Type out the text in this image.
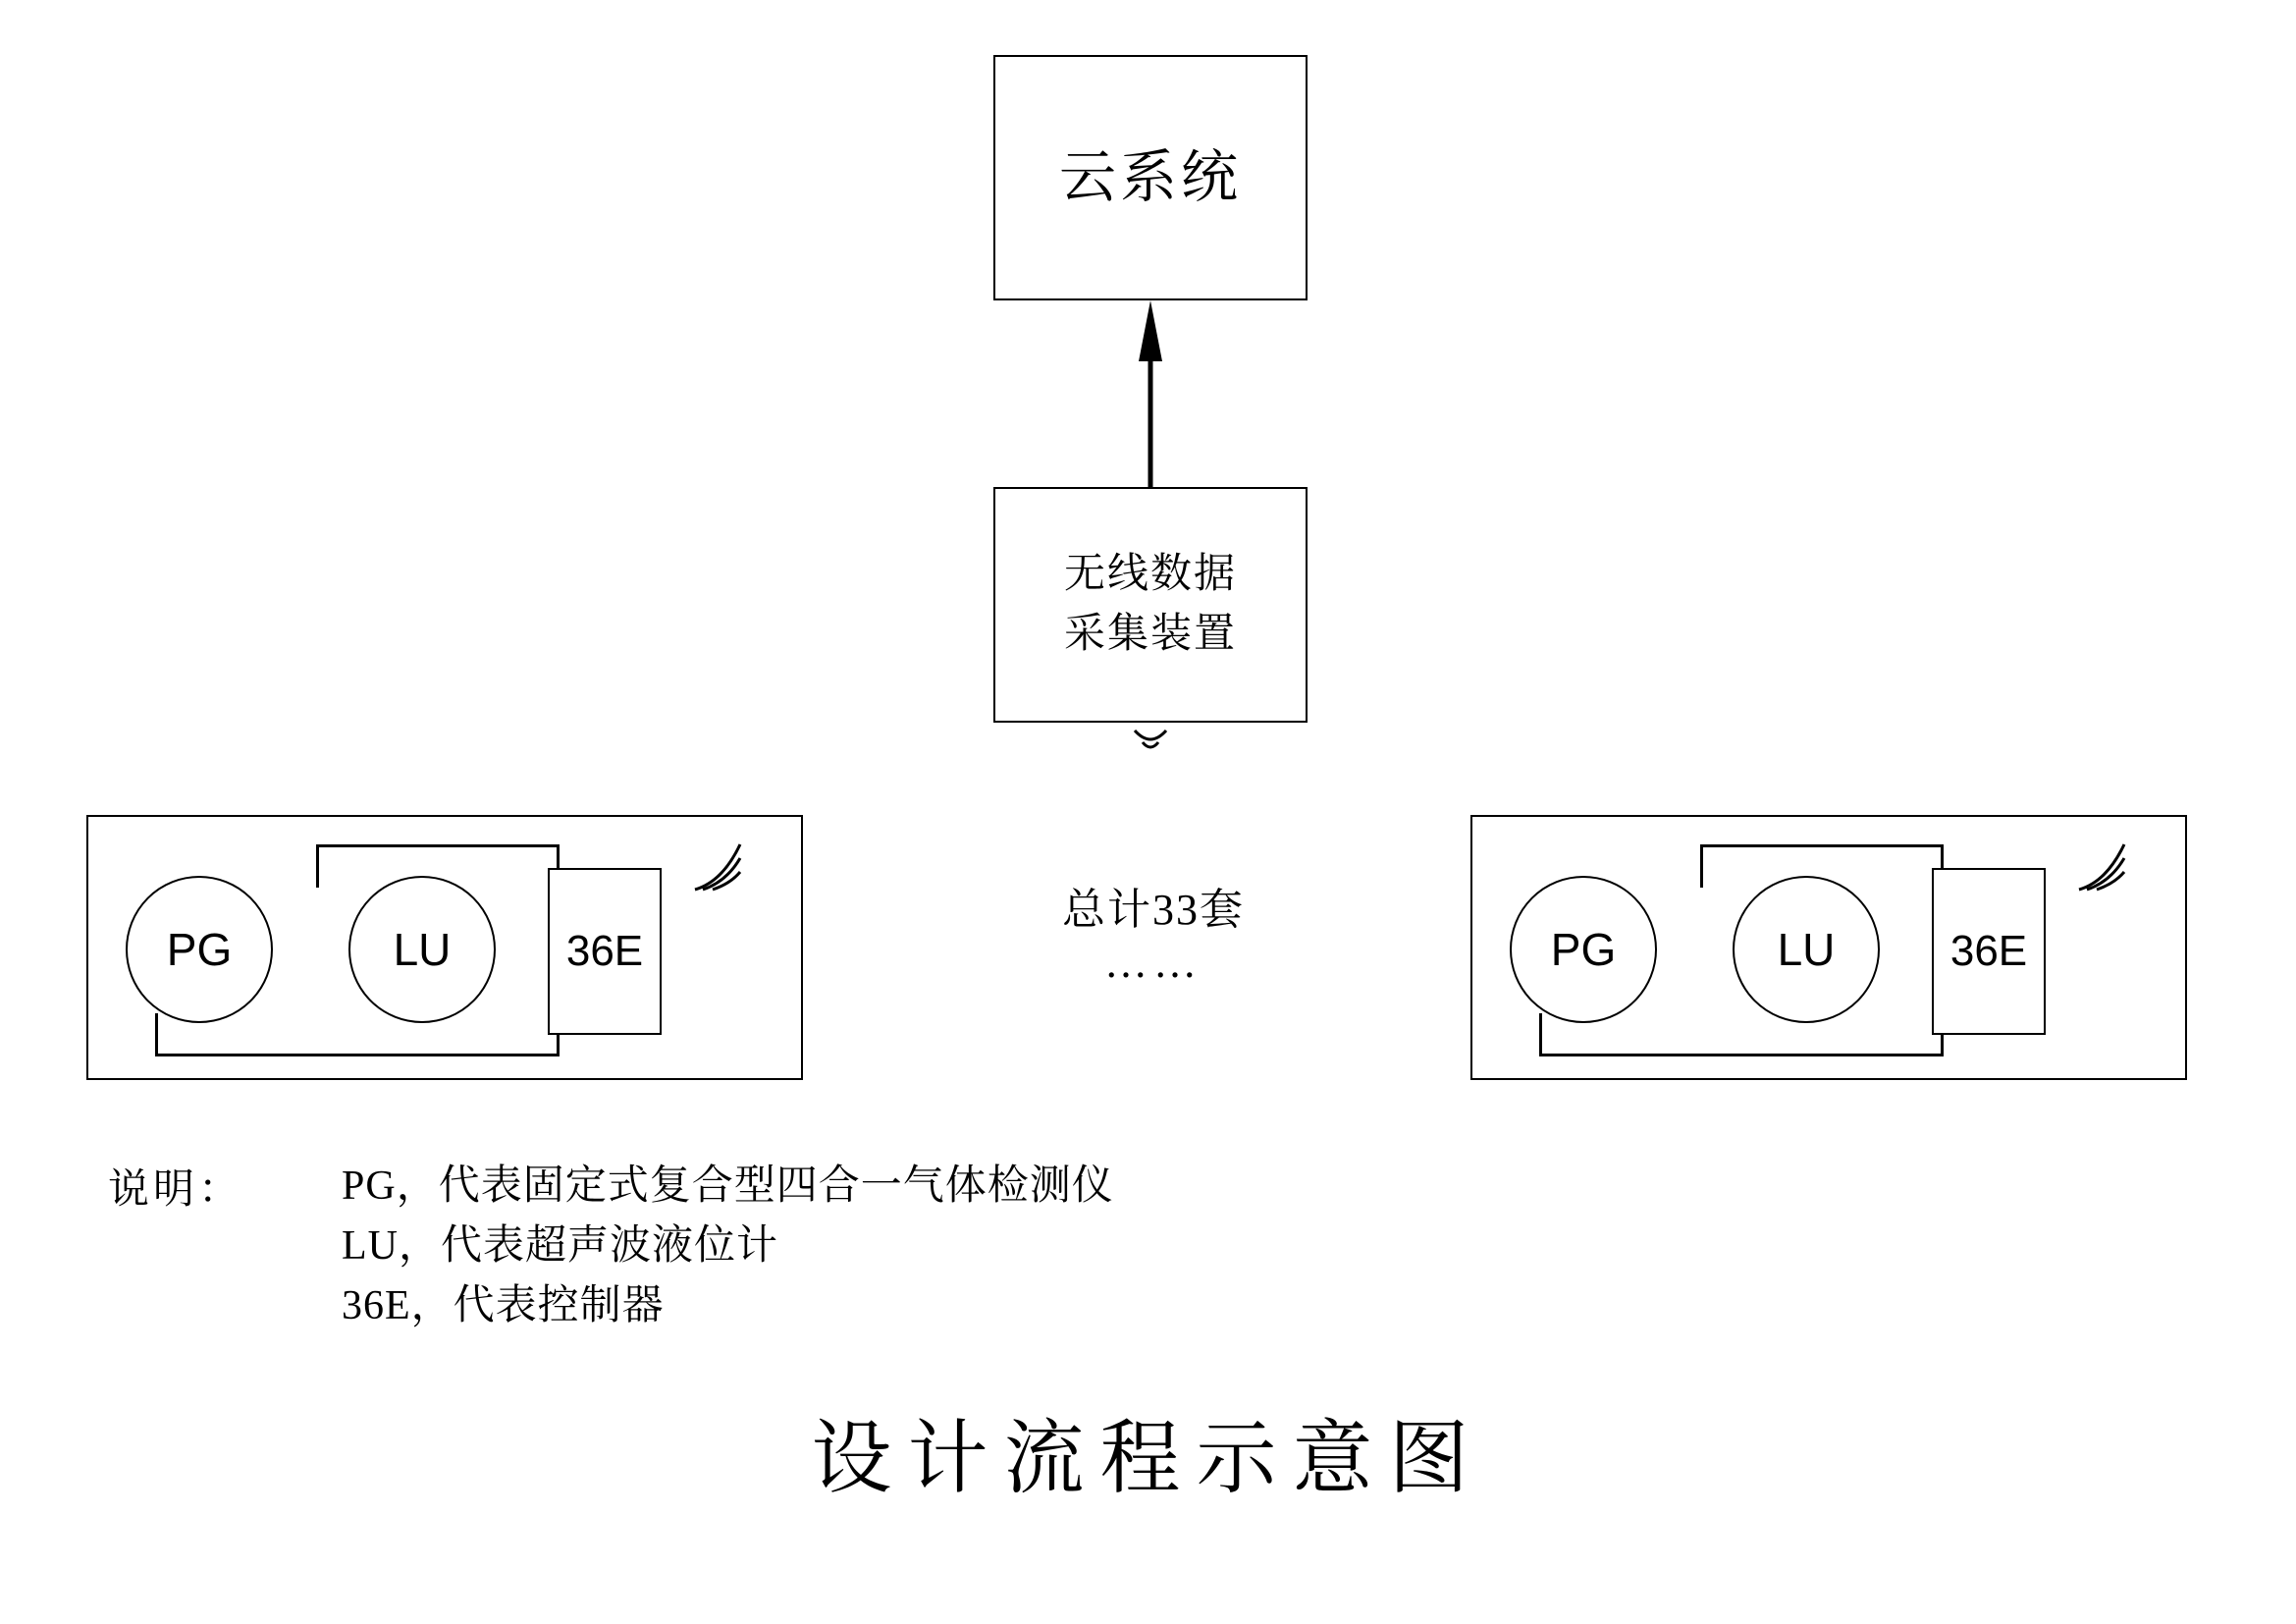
云系统
无线数据
采集装置
总计33套
……
PG	LU	36E	PG	LU	36E
说明： PG，代表固定式复合型四合一气体检测仪
LU，代表超声波液位计
36E，代表控制器
设计流程示意图
